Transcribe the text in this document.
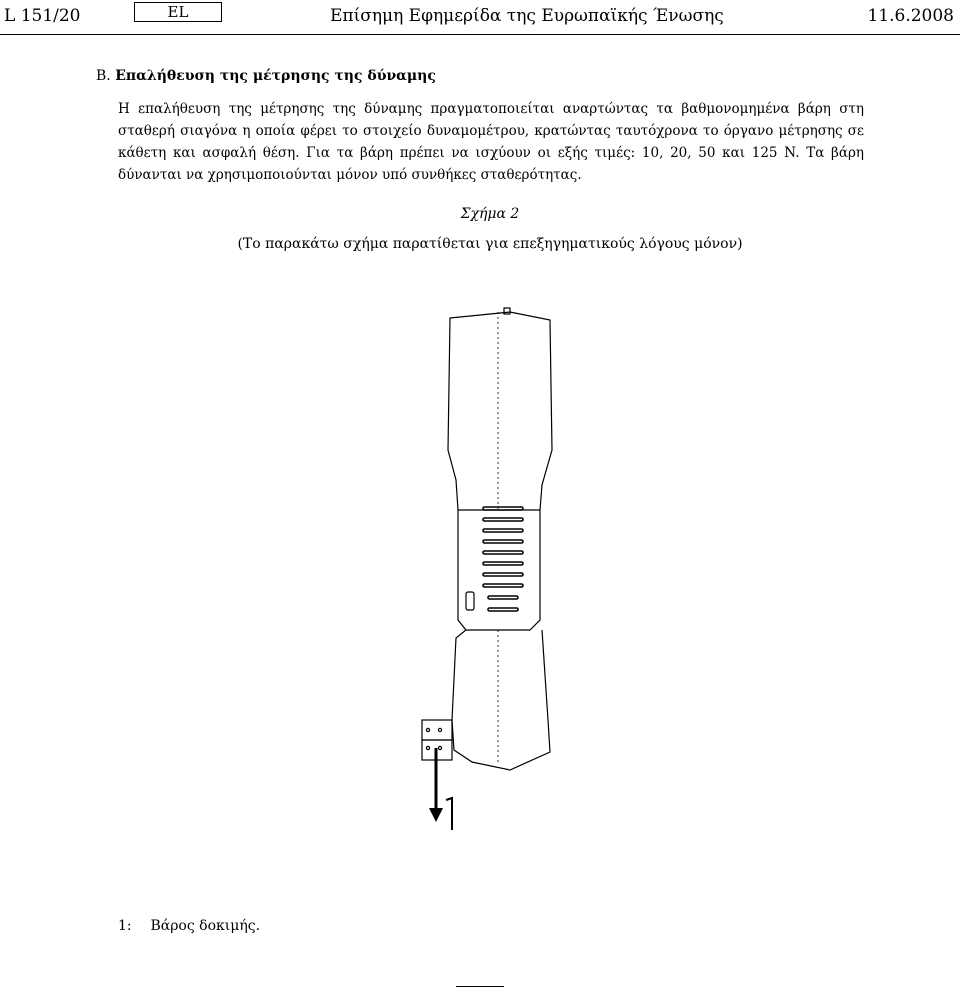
L 151/20	EL	Επίσημη Εφημερίδα της Ευρωπαϊκής Ένωσης	11.6.2008
B. Επαλήθευση της μέτρησης της δύναμης

Η επαλήθευση της μέτρησης της δύναμης πραγματοποιείται αναρτώντας τα βαθμονομημένα βάρη στη σταθερή σιαγόνα η οποία φέρει το στοιχείο δυναμομέτρου, κρατώντας ταυτόχρονα το όργανο μέτρησης σε κάθετη και ασφαλή θέση. Για τα βάρη πρέπει να ισχύουν οι εξής τιμές: 10, 20, 50 και 125 N. Τα βάρη δύνανται να χρησιμοποιούνται μόνον υπό συνθήκες σταθερότητας.

Σχήμα 2
(Το παρακάτω σχήμα παρατίθεται για επεξηγηματικούς λόγους μόνον)
1
1: Βάρος δοκιμής.
